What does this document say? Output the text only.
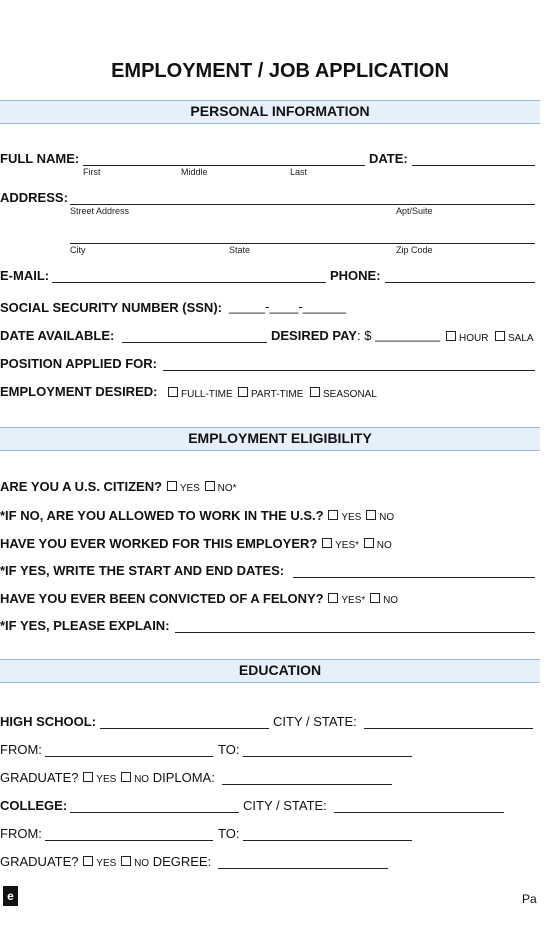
EMPLOYMENT / JOB APPLICATION
PERSONAL INFORMATION
FULL NAME:
First	Middle	Last
DATE:
ADDRESS:
Street Address	Apt/Suite
City	State	Zip Code
E-MAIL:	PHONE:
SOCIAL SECURITY NUMBER (SSN): _____-____-______
DATE AVAILABLE:	DESIRED PAY: $ _________	HOUR	SALA
POSITION APPLIED FOR:
EMPLOYMENT DESIRED:	FULL-TIME	PART-TIME	SEASONAL
EMPLOYMENT ELIGIBILITY
ARE YOU A U.S. CITIZEN? YES NO*
*IF NO, ARE YOU ALLOWED TO WORK IN THE U.S.? YES NO
HAVE YOU EVER WORKED FOR THIS EMPLOYER? YES* NO
*IF YES, WRITE THE START AND END DATES:
HAVE YOU EVER BEEN CONVICTED OF A FELONY? YES* NO
*IF YES, PLEASE EXPLAIN:
EDUCATION
HIGH SCHOOL:	CITY / STATE:
FROM:	TO:
GRADUATE? YES NO DIPLOMA:
COLLEGE:	CITY / STATE:
FROM:	TO:
GRADUATE? YES NO DEGREE:
e	Pa
